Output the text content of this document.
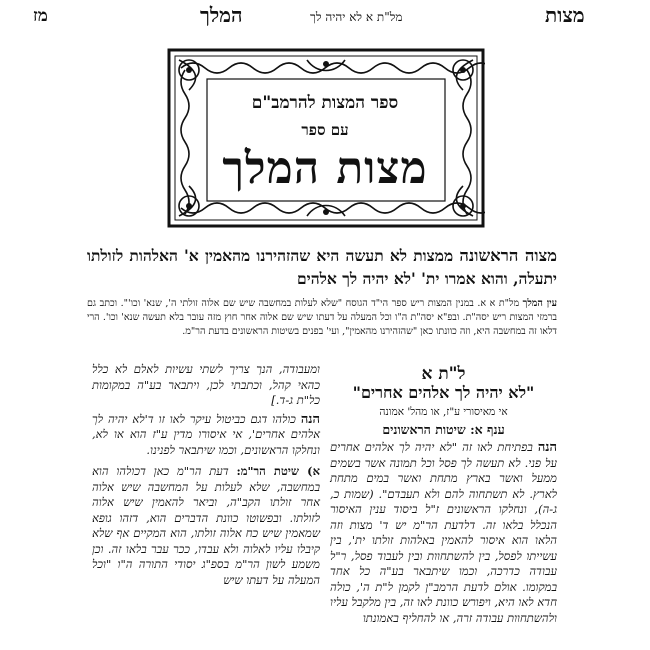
מז	המלך	מל"ת א לא יהיה לך	מצות
ספר המצות להרמב"ם
עם ספר
מצות המלך
מצוה הראשונה ממצות לא תעשה היא שהזהירנו מהאמין א' האלהות לזולתו יתעלה, והוא אמרו ית' 'לא יהיה לך אלהים
עין המלך מל"ת א א. במנין המצות ריש ספר הי"ד הגוסח "שלא לעלות במחשבה שיש שם אלוה זולתי ה', שנא' וכו'". וכתב גם ברמזי המצות ריש יסה"ת. ובפ"א יסה"ת ה"ו וכל המעלה על דעתו שיש שם אלוה אחר חוץ מזה עובר בלא תעשה שנא' וכו'. הרי דלאו זה במחשבה היא, וזה כוונתו כאן "שהזהירנו מהאמין", ועי' בפנים בשיטות הראשונים בדעת הר"מ.
ל"ת א
"לא יהיה לך אלהים אחרים"
אי מאיסורי ע"ז, או מהל' אמונה
ענף א: שיטות הראשונים
הנה בפתיחת לאו זה "לא יהיה לך אלהים אחרים על פני. לא תעשה לך פסל וכל תמונה אשר בשמים ממעל ואשר בארץ מתחת ואשר במים מתחת לארץ. לא תשתחוה להם ולא תעבדם". (שמות כ, ג-ה), ונחלקו הראשונים ז"ל ביסוד ענין האיסור הנכלל בלאו זה. דלדעת הר"מ יש ד' מצות וזה הלאו הוא איסור להאמין באלהות זולתו ית', בין עשייתו לפסל, בין להשתחוות ובין לעבוד פסל, ר"ל עבודה כדרכה, וכמו שיתבאר בע"ה כל אחד במקומו. אולם לדעת הרמב"ן לקמן ל"ת ה', כולה חדא לאו היא, ויפורש כוונת לאו זה, בין מלקבל עליו ולהשתחוות עבודה זרה, או להחליף באמונתו
ומעבודה, הנך צריך לשתי עשיות לאלם לא כלל כהאי קהל, וכתבתי לכן, ויתבאר בע"ה במקומות כל"ת ג-ד.]
הנה כולהו דגם כביטול עיקר לאו זו ד'לא יהיה לך אלהים אחרים', אי איסורו מדין ע"ז הוא או לא, ונחלקו הראשונים, וכמו שיתבאר לפנינו.
א) שיטת הר"מ: דעת הר"מ כאן דכולהו הוא במחשבה, שלא לעלות על המחשבה שיש אלוה אחר זולתו הקב"ה, וביאר להאמין שיש אלוה לזולתו. ובפשוטו כוונת הדברים הוא, דזהו גופא שמאמין שיש כח אלוה זולתו, הוא המקיים אף שלא קיבלו עליו לאלוה ולא עבדו, ככר עבר בלאו זה. וכן משמע לשון הר"מ בספ"ג יסודי התורה ה"ו "וכל המעלה על דעתו שיש
